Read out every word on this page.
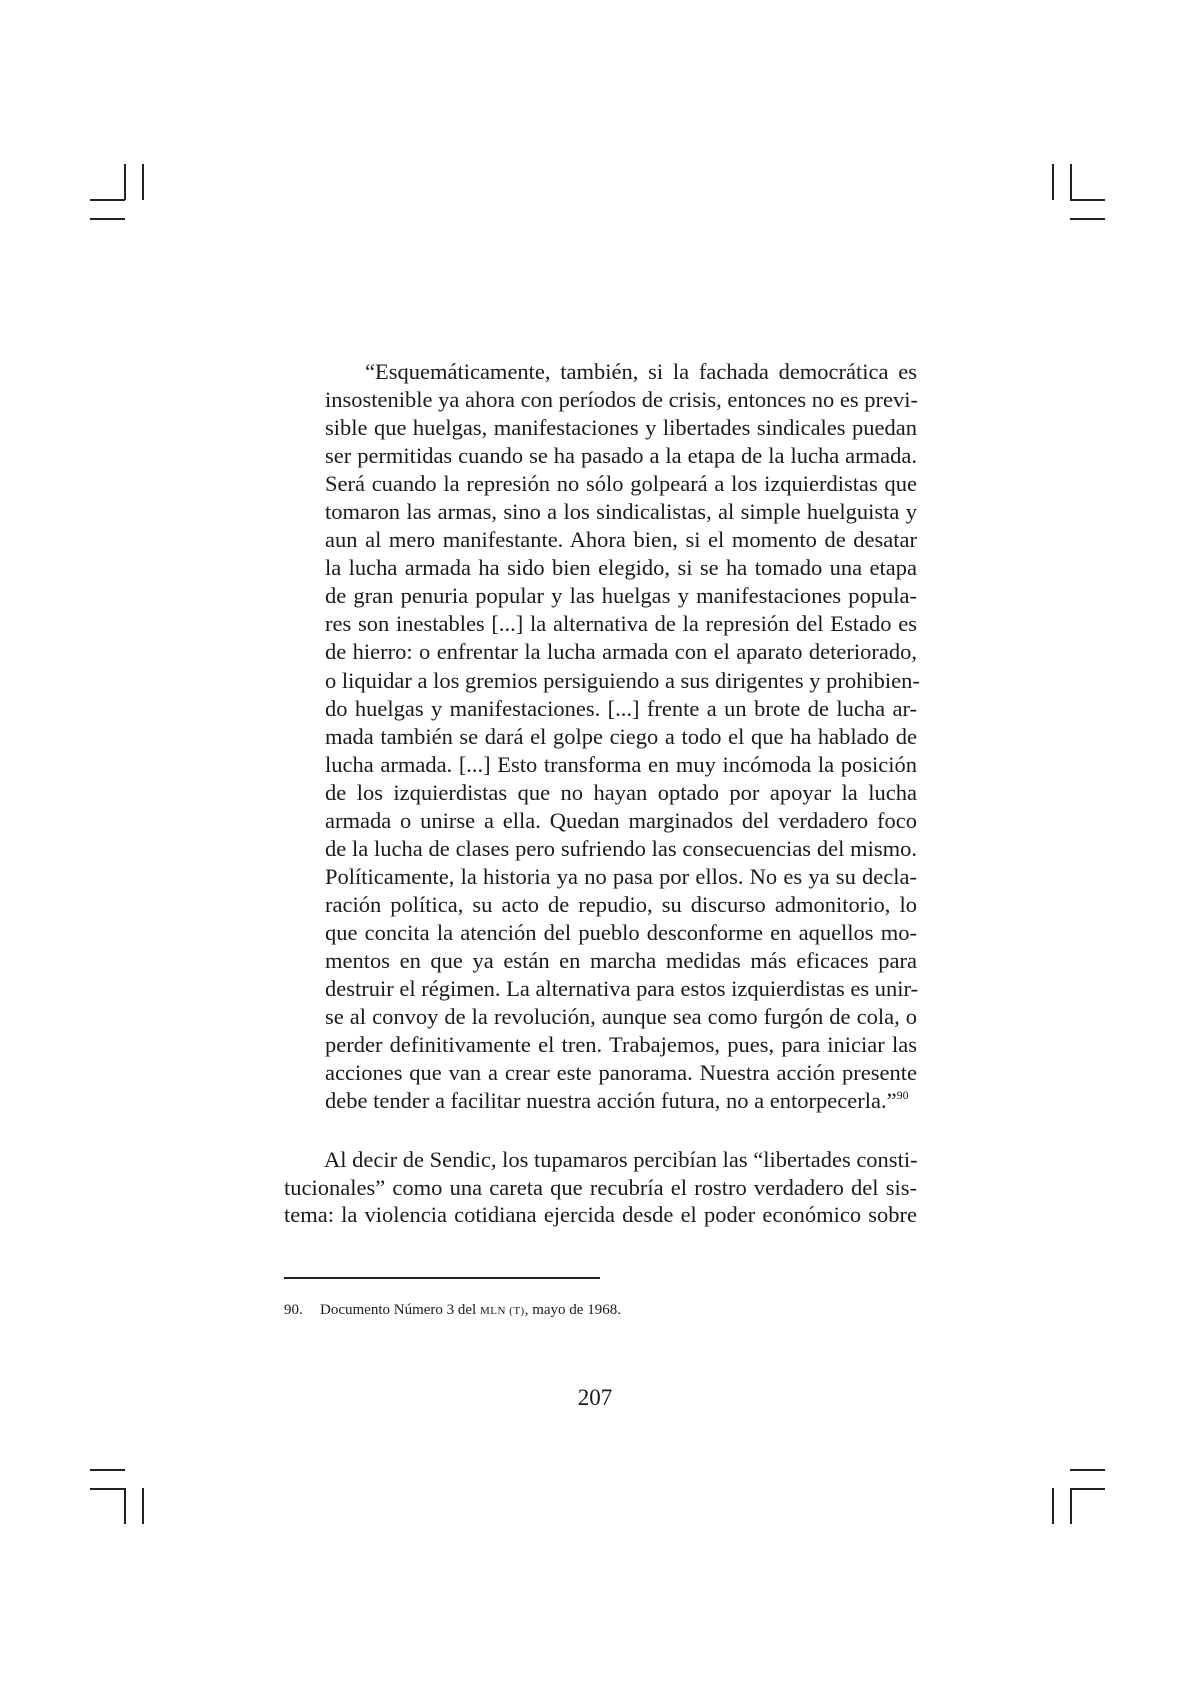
“Esquemáticamente, también, si la fachada democrática es
insostenible ya ahora con períodos de crisis, entonces no es previ-
sible que huelgas, manifestaciones y libertades sindicales puedan
ser permitidas cuando se ha pasado a la etapa de la lucha armada.
Será cuando la represión no sólo golpeará a los izquierdistas que
tomaron las armas, sino a los sindicalistas, al simple huelguista y
aun al mero manifestante. Ahora bien, si el momento de desatar
la lucha armada ha sido bien elegido, si se ha tomado una etapa
de gran penuria popular y las huelgas y manifestaciones popula-
res son inestables [...] la alternativa de la represión del Estado es
de hierro: o enfrentar la lucha armada con el aparato deteriorado,
o liquidar a los gremios persiguiendo a sus dirigentes y prohibien-
do huelgas y manifestaciones. [...] frente a un brote de lucha ar-
mada también se dará el golpe ciego a todo el que ha hablado de
lucha armada. [...] Esto transforma en muy incómoda la posición
de los izquierdistas que no hayan optado por apoyar la lucha
armada o unirse a ella. Quedan marginados del verdadero foco
de la lucha de clases pero sufriendo las consecuencias del mismo.
Políticamente, la historia ya no pasa por ellos. No es ya su decla-
ración política, su acto de repudio, su discurso admonitorio, lo
que concita la atención del pueblo desconforme en aquellos mo-
mentos en que ya están en marcha medidas más eficaces para
destruir el régimen. La alternativa para estos izquierdistas es unir-
se al convoy de la revolución, aunque sea como furgón de cola, o
perder definitivamente el tren. Trabajemos, pues, para iniciar las
acciones que van a crear este panorama. Nuestra acción presente
debe tender a facilitar nuestra acción futura, no a entorpecerla.”$^{90}$
Al decir de Sendic, los tupamaros percibían las “libertades consti-
tucionales” como una careta que recubría el rostro verdadero del sis-
tema: la violencia cotidiana ejercida desde el poder económico sobre
90. Documento Número 3 del MLN (T), mayo de 1968.
207
